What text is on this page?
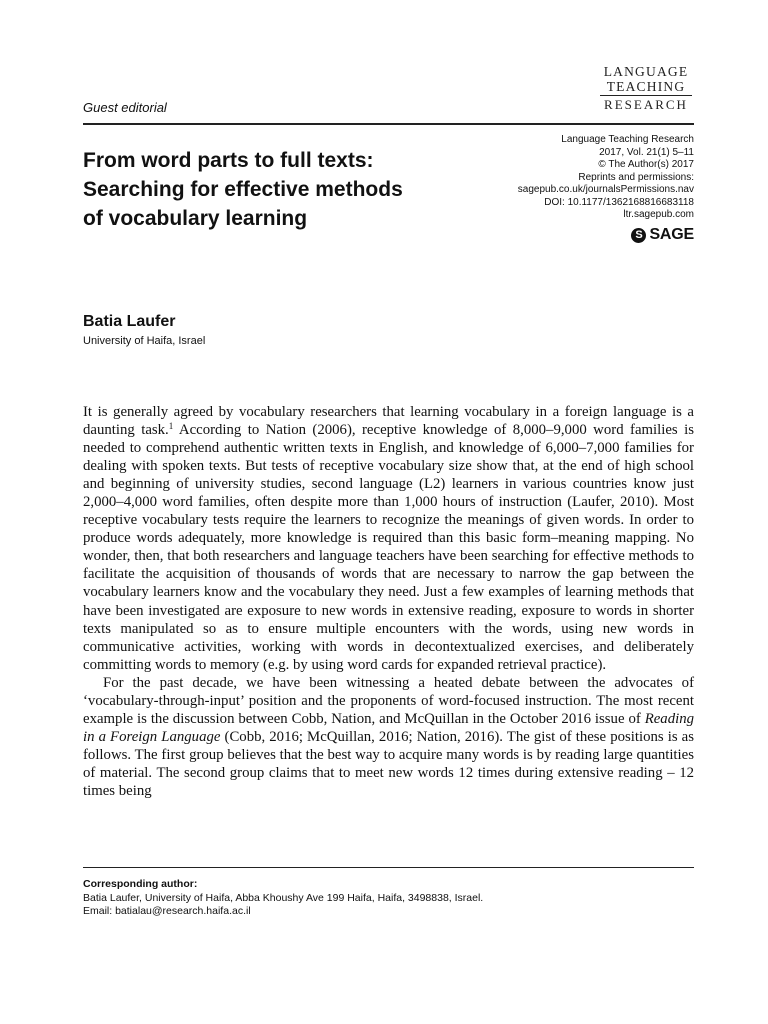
LANGUAGE
TEACHING
RESEARCH
Guest editorial
From word parts to full texts: Searching for effective methods of vocabulary learning
Language Teaching Research
2017, Vol. 21(1) 5–11
© The Author(s) 2017
Reprints and permissions:
sagepub.co.uk/journalsPermissions.nav
DOI: 10.1177/1362168816683118
ltr.sagepub.com
S SAGE
Batia Laufer
University of Haifa, Israel

It is generally agreed by vocabulary researchers that learning vocabulary in a foreign language is a daunting task.$^1$ According to Nation (2006), receptive knowledge of 8,000–9,000 word families is needed to comprehend authentic written texts in English, and knowledge of 6,000–7,000 families for dealing with spoken texts. But tests of receptive vocabulary size show that, at the end of high school and beginning of university studies, second language (L2) learners in various countries know just 2,000–4,000 word families, often despite more than 1,000 hours of instruction (Laufer, 2010). Most receptive vocabulary tests require the learners to recognize the meanings of given words. In order to produce words adequately, more knowledge is required than this basic form–meaning mapping. No wonder, then, that both researchers and language teachers have been searching for effective methods to facilitate the acquisition of thousands of words that are necessary to narrow the gap between the vocabulary learners know and the vocabulary they need. Just a few examples of learning methods that have been investigated are exposure to new words in extensive reading, exposure to words in shorter texts manipulated so as to ensure multiple encounters with the words, using new words in communicative activities, working with words in decontextualized exercises, and deliberately committing words to memory (e.g. by using word cards for expanded retrieval practice).

For the past decade, we have been witnessing a heated debate between the advocates of ‘vocabulary-through-input’ position and the proponents of word-focused instruction. The most recent example is the discussion between Cobb, Nation, and McQuillan in the October 2016 issue of Reading in a Foreign Language (Cobb, 2016; McQuillan, 2016; Nation, 2016). The gist of these positions is as follows. The first group believes that the best way to acquire many words is by reading large quantities of material. The second group claims that to meet new words 12 times during extensive reading – 12 times being

Corresponding author:
Batia Laufer, University of Haifa, Abba Khoushy Ave 199 Haifa, Haifa, 3498838, Israel.
Email: batialau@research.haifa.ac.il
